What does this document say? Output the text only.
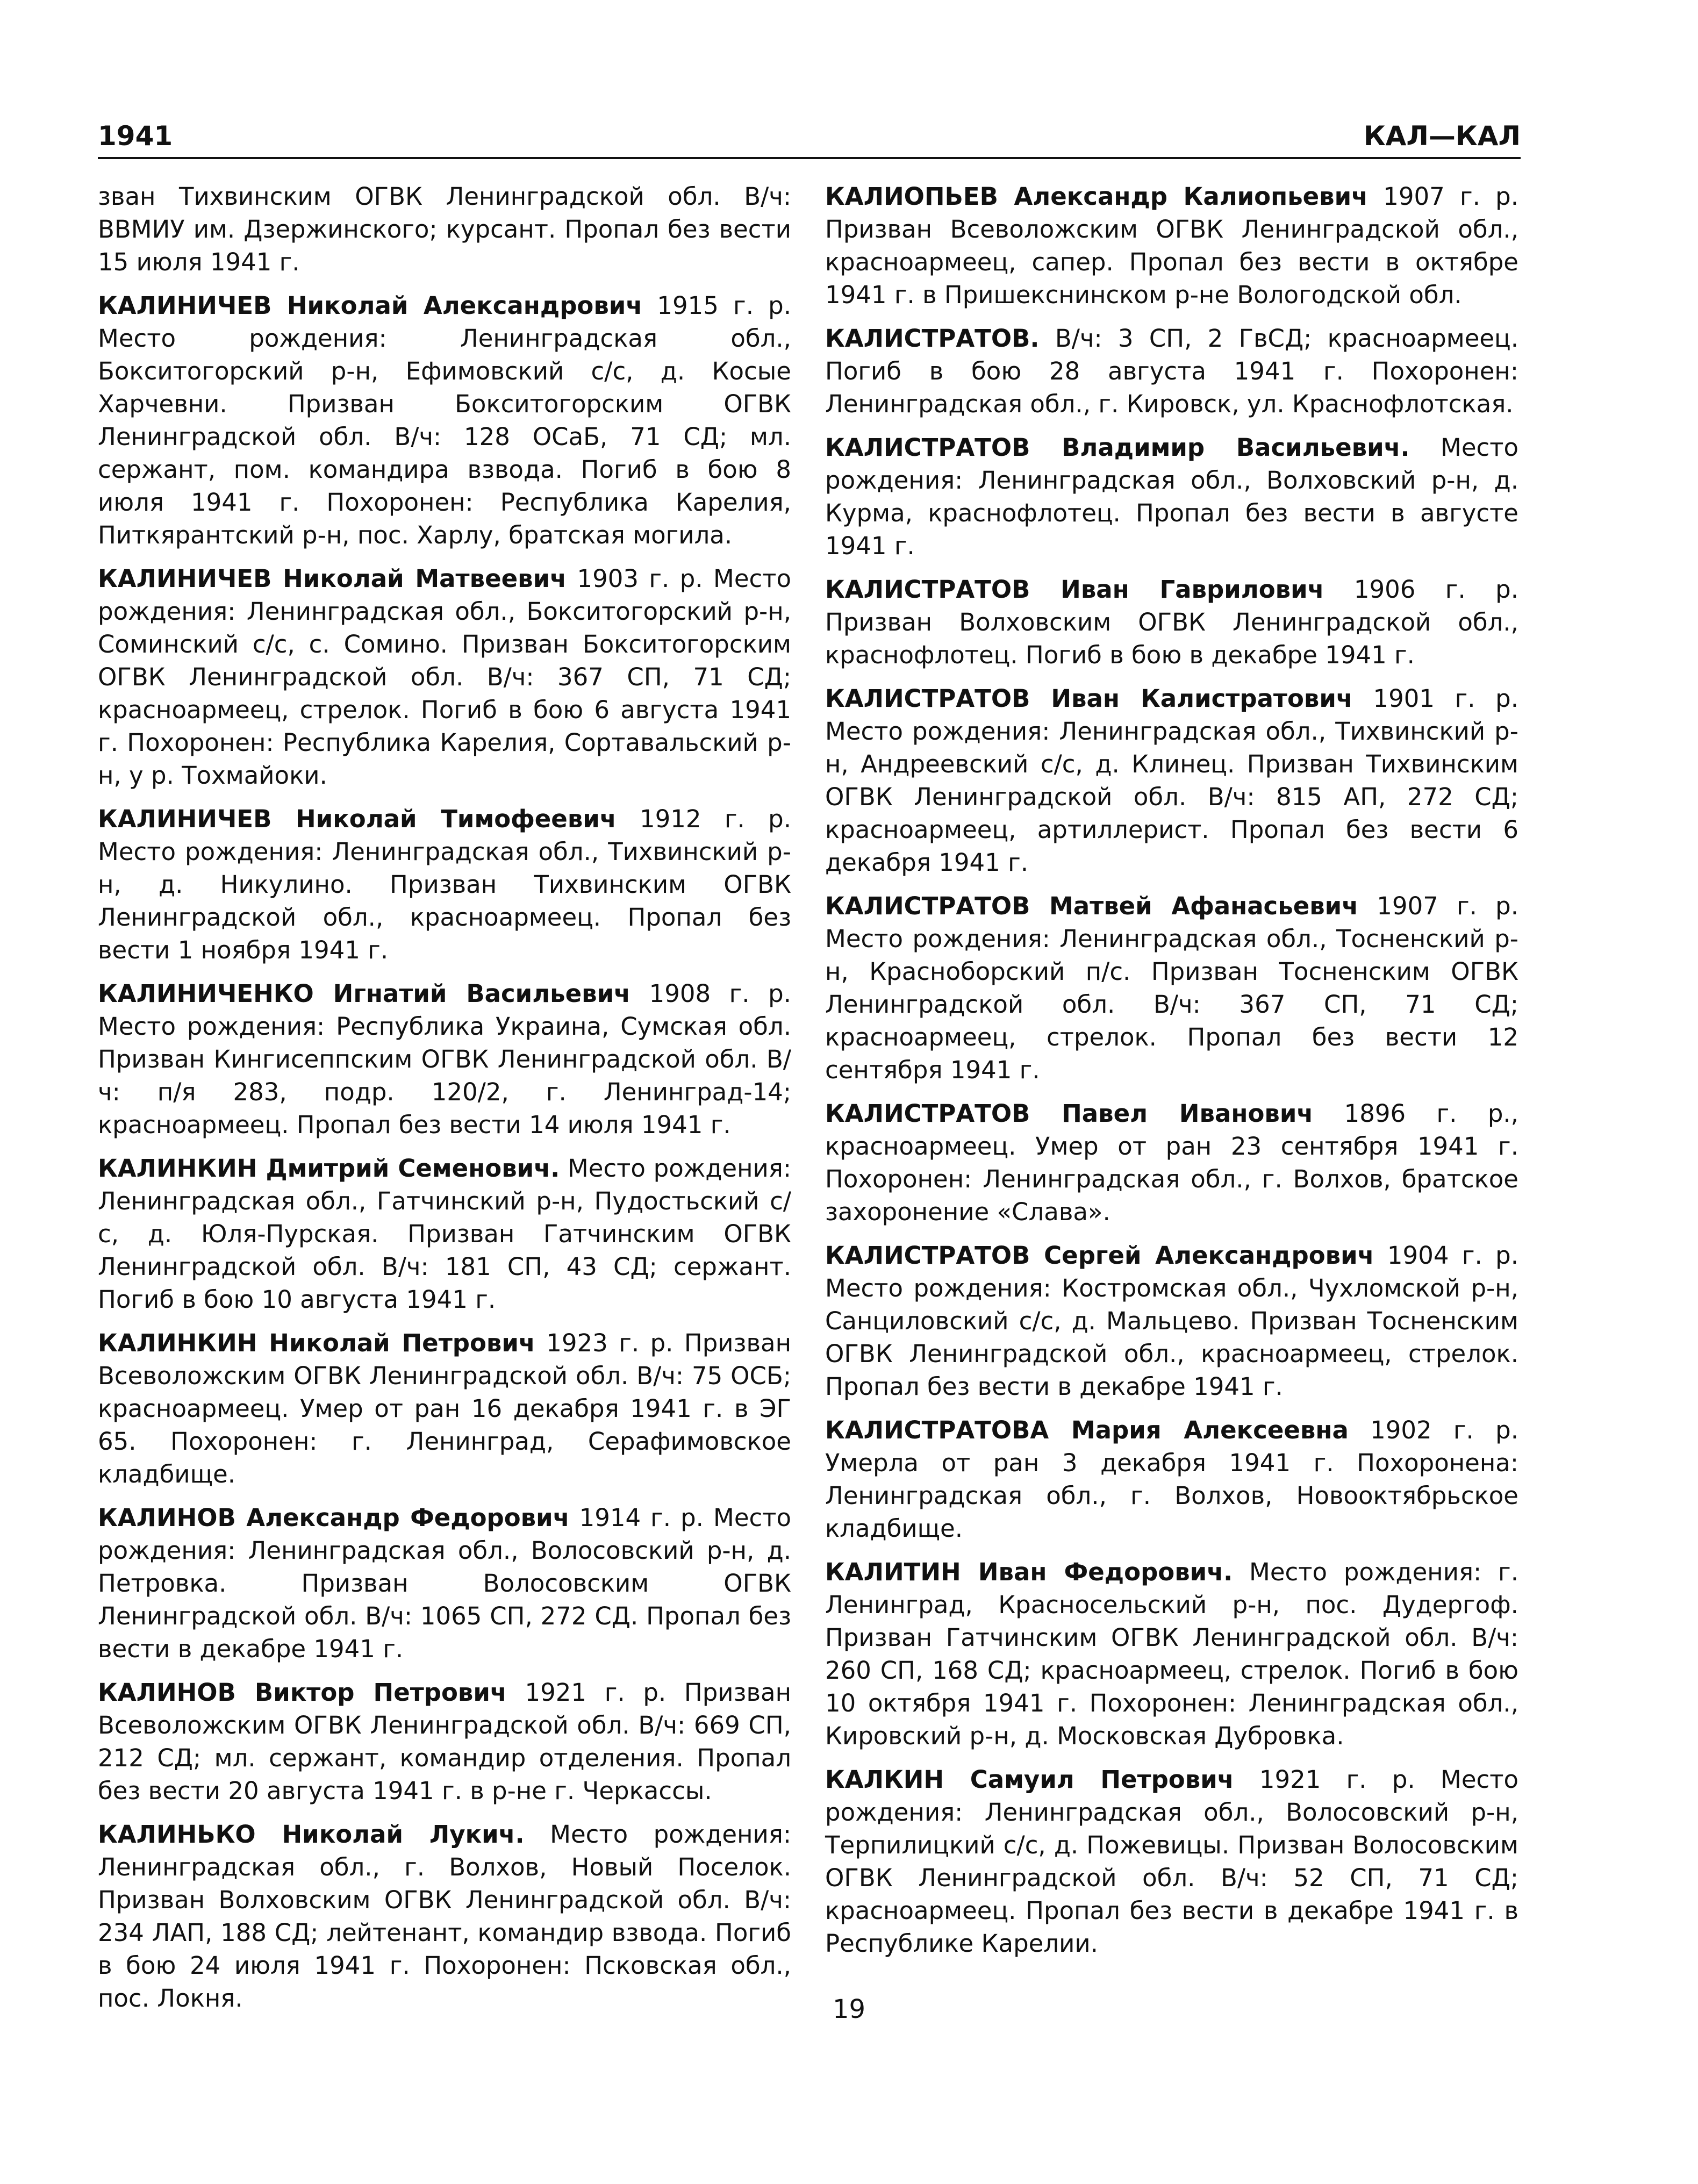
1941	КАЛ—КАЛ

зван Тихвинским ОГВК Ленинградской обл. В/ч: ВВМИУ им. Дзержинского; курсант. Пропал без вести 15 июля 1941 г.

КАЛИНИЧЕВ Николай Александрович 1915 г. р. Место рождения: Ленинградская обл., Бокситогорский р-н, Ефимовский с/с, д. Косые Харчевни. Призван Бокситогорским ОГВК Ленинградской обл. В/ч: 128 ОСаБ, 71 СД; мл. сержант, пом. командира взвода. Погиб в бою 8 июля 1941 г. Похоронен: Республика Карелия, Питкярантский р-н, пос. Харлу, братская могила.

КАЛИНИЧЕВ Николай Матвеевич 1903 г. р. Место рождения: Ленинградская обл., Бокситогорский р-н, Соминский с/с, с. Сомино. Призван Бокситогорским ОГВК Ленинградской обл. В/ч: 367 СП, 71 СД; красноармеец, стрелок. Погиб в бою 6 августа 1941 г. Похоронен: Республика Карелия, Сортавальский р-н, у р. Тохмайоки.

КАЛИНИЧЕВ Николай Тимофеевич 1912 г. р. Место рождения: Ленинградская обл., Тихвинский р-н, д. Никулино. Призван Тихвинским ОГВК Ленинградской обл., красноармеец. Пропал без вести 1 ноября 1941 г.

КАЛИНИЧЕНКО Игнатий Васильевич 1908 г. р. Место рождения: Республика Украина, Сумская обл. Призван Кингисеппским ОГВК Ленинградской обл. В/ч: п/я 283, подр. 120/2, г. Ленинград-14; красноармеец. Пропал без вести 14 июля 1941 г.

КАЛИНКИН Дмитрий Семенович. Место рождения: Ленинградская обл., Гатчинский р-н, Пудостьский с/с, д. Юля-Пурская. Призван Гатчинским ОГВК Ленинградской обл. В/ч: 181 СП, 43 СД; сержант. Погиб в бою 10 августа 1941 г.

КАЛИНКИН Николай Петрович 1923 г. р. Призван Всеволожским ОГВК Ленинградской обл. В/ч: 75 ОСБ; красноармеец. Умер от ран 16 декабря 1941 г. в ЭГ 65. Похоронен: г. Ленинград, Серафимовское кладбище.

КАЛИНОВ Александр Федорович 1914 г. р. Место рождения: Ленинградская обл., Волосовский р-н, д. Петровка. Призван Волосовским ОГВК Ленинградской обл. В/ч: 1065 СП, 272 СД. Пропал без вести в декабре 1941 г.

КАЛИНОВ Виктор Петрович 1921 г. р. Призван Всеволожским ОГВК Ленинградской обл. В/ч: 669 СП, 212 СД; мл. сержант, командир отделения. Пропал без вести 20 августа 1941 г. в р-не г. Черкассы.

КАЛИНЬКО Николай Лукич. Место рождения: Ленинградская обл., г. Волхов, Новый Поселок. Призван Волховским ОГВК Ленинградской обл. В/ч: 234 ЛАП, 188 СД; лейтенант, командир взвода. Погиб в бою 24 июля 1941 г. Похоронен: Псковская обл., пос. Локня.

КАЛИОПЬЕВ Александр Калиопьевич 1907 г. р. Призван Всеволожским ОГВК Ленинградской обл., красноармеец, сапер. Пропал без вести в октябре 1941 г. в Пришекснинском р-не Вологодской обл.

КАЛИСТРАТОВ. В/ч: 3 СП, 2 ГвСД; красноармеец. Погиб в бою 28 августа 1941 г. Похоронен: Ленинградская обл., г. Кировск, ул. Краснофлотская.

КАЛИСТРАТОВ Владимир Васильевич. Место рождения: Ленинградская обл., Волховский р-н, д. Курма, краснофлотец. Пропал без вести в августе 1941 г.

КАЛИСТРАТОВ Иван Гаврилович 1906 г. р. Призван Волховским ОГВК Ленинградской обл., краснофлотец. Погиб в бою в декабре 1941 г.

КАЛИСТРАТОВ Иван Калистратович 1901 г. р. Место рождения: Ленинградская обл., Тихвинский р-н, Андреевский с/с, д. Клинец. Призван Тихвинским ОГВК Ленинградской обл. В/ч: 815 АП, 272 СД; красноармеец, артиллерист. Пропал без вести 6 декабря 1941 г.

КАЛИСТРАТОВ Матвей Афанасьевич 1907 г. р. Место рождения: Ленинградская обл., Тосненский р-н, Красноборский п/с. Призван Тосненским ОГВК Ленинградской обл. В/ч: 367 СП, 71 СД; красноармеец, стрелок. Пропал без вести 12 сентября 1941 г.

КАЛИСТРАТОВ Павел Иванович 1896 г. р., красноармеец. Умер от ран 23 сентября 1941 г. Похоронен: Ленинградская обл., г. Волхов, братское захоронение «Слава».

КАЛИСТРАТОВ Сергей Александрович 1904 г. р. Место рождения: Костромская обл., Чухломской р-н, Санциловский с/с, д. Мальцево. Призван Тосненским ОГВК Ленинградской обл., красноармеец, стрелок. Пропал без вести в декабре 1941 г.

КАЛИСТРАТОВА Мария Алексеевна 1902 г. р. Умерла от ран 3 декабря 1941 г. Похоронена: Ленинградская обл., г. Волхов, Новооктябрьское кладбище.

КАЛИТИН Иван Федорович. Место рождения: г. Ленинград, Красносельский р-н, пос. Дудергоф. Призван Гатчинским ОГВК Ленинградской обл. В/ч: 260 СП, 168 СД; красноармеец, стрелок. Погиб в бою 10 октября 1941 г. Похоронен: Ленинградская обл., Кировский р-н, д. Московская Дубровка.

КАЛКИН Самуил Петрович 1921 г. р. Место рождения: Ленинградская обл., Волосовский р-н, Терпилицкий с/с, д. Пожевицы. Призван Волосовским ОГВК Ленинградской обл. В/ч: 52 СП, 71 СД; красноармеец. Пропал без вести в декабре 1941 г. в Республике Карелии.

19
